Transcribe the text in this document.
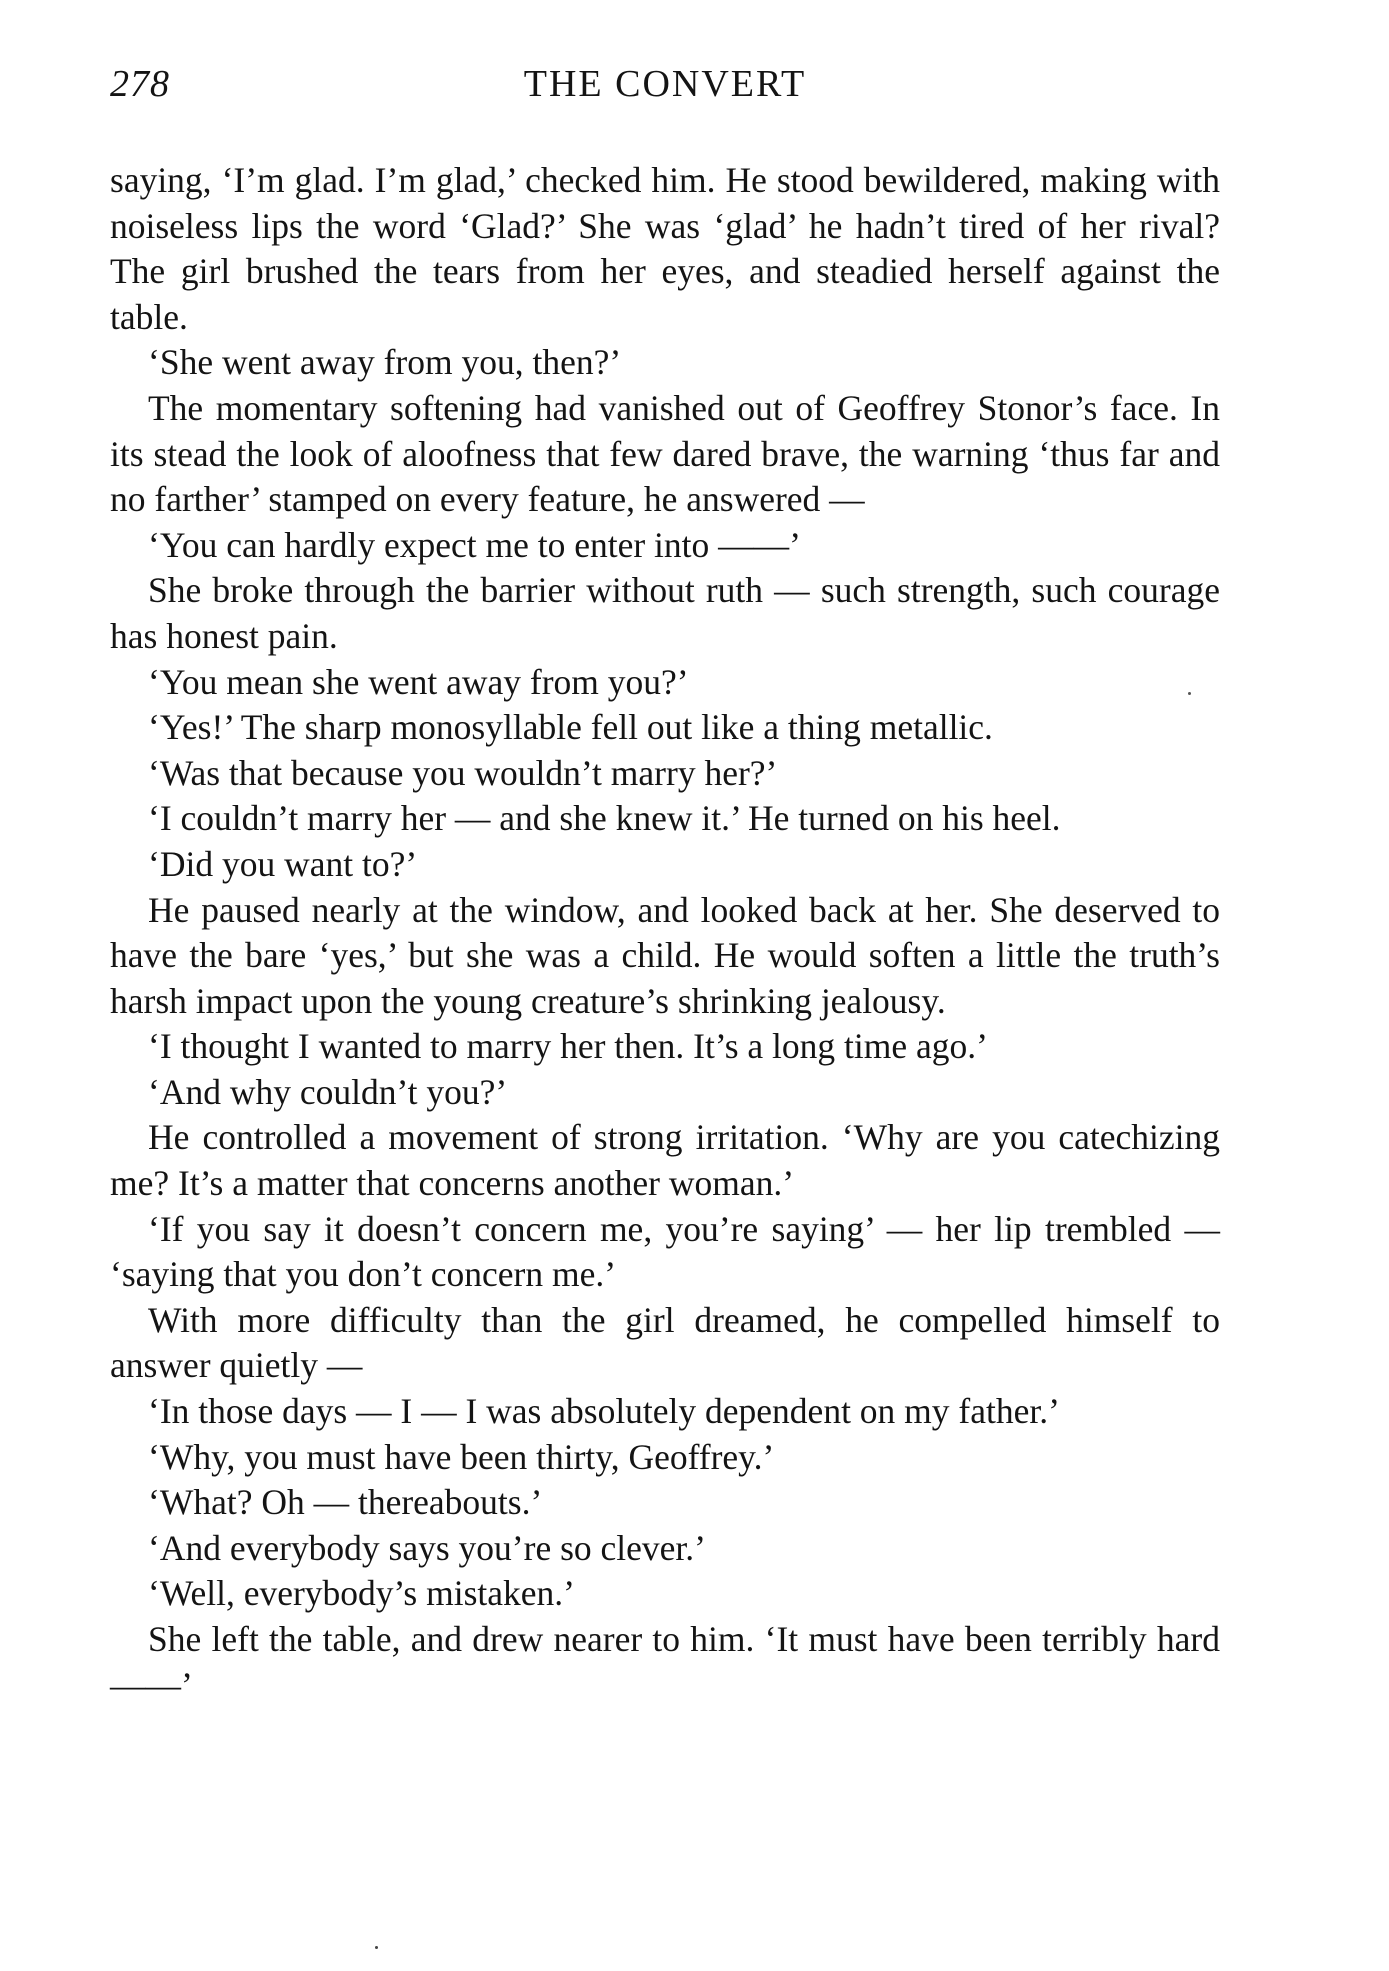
278	THE CONVERT

saying, ‘I’m glad. I’m glad,’ checked him. He stood bewildered, making with noiseless lips the word ‘Glad?’ She was ‘glad’ he hadn’t tired of her rival? The girl brushed the tears from her eyes, and steadied herself against the table.

‘She went away from you, then?’

The momentary softening had vanished out of Geoffrey Stonor’s face. In its stead the look of aloofness that few dared brave, the warning ‘thus far and no farther’ stamped on every feature, he answered —

‘You can hardly expect me to enter into ——’

She broke through the barrier without ruth — such strength, such courage has honest pain.

‘You mean she went away from you?’

‘Yes!’ The sharp monosyllable fell out like a thing metallic.

‘Was that because you wouldn’t marry her?’

‘I couldn’t marry her — and she knew it.’ He turned on his heel.

‘Did you want to?’

He paused nearly at the window, and looked back at her. She deserved to have the bare ‘yes,’ but she was a child. He would soften a little the truth’s harsh impact upon the young creature’s shrinking jealousy.

‘I thought I wanted to marry her then. It’s a long time ago.’

‘And why couldn’t you?’

He controlled a movement of strong irritation. ‘Why are you catechizing me? It’s a matter that concerns another woman.’

‘If you say it doesn’t concern me, you’re saying’ — her lip trembled — ‘saying that you don’t concern me.’

With more difficulty than the girl dreamed, he compelled himself to answer quietly —

‘In those days — I — I was absolutely dependent on my father.’

‘Why, you must have been thirty, Geoffrey.’

‘What? Oh — thereabouts.’

‘And everybody says you’re so clever.’

‘Well, everybody’s mistaken.’

She left the table, and drew nearer to him. ‘It must have been terribly hard ——’
